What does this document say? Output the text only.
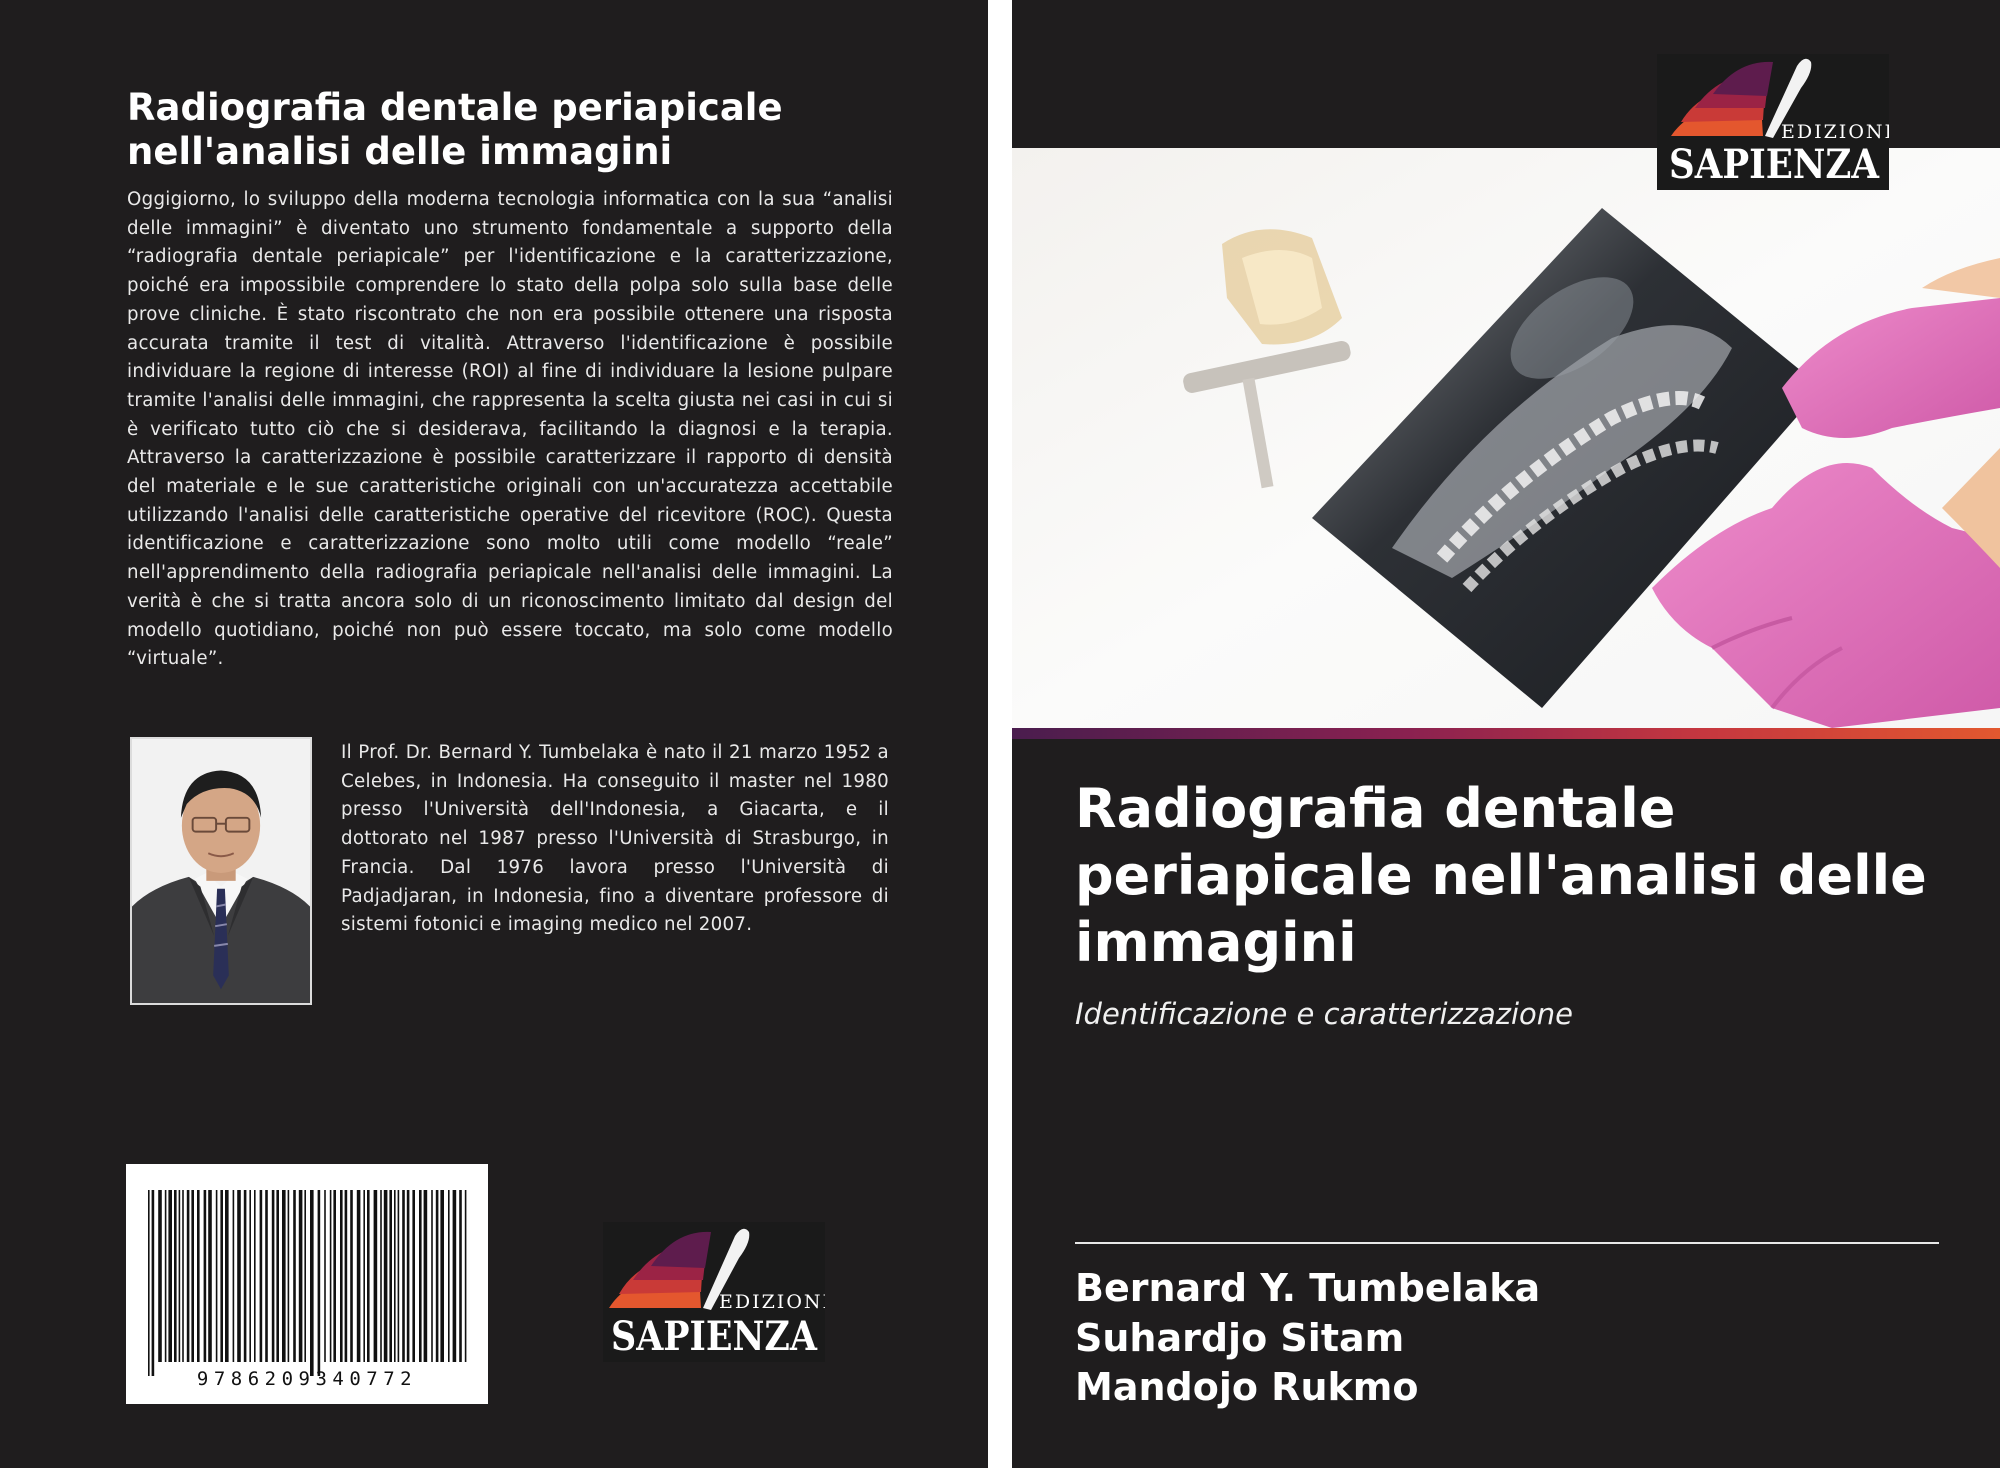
Radiografia dentale periapicale nell'analisi delle immagini

Oggigiorno, lo sviluppo della moderna tecnologia informatica con la sua “analisi delle immagini” è diventato uno strumento fondamentale a supporto della “radiografia dentale periapicale” per l'identificazione e la caratterizzazione, poiché era impossibile comprendere lo stato della polpa solo sulla base delle prove cliniche. È stato riscontrato che non era possibile ottenere una risposta accurata tramite il test di vitalità. Attraverso l'identificazione è possibile individuare la regione di interesse (ROI) al fine di individuare la lesione pulpare tramite l'analisi delle immagini, che rappresenta la scelta giusta nei casi in cui si è verificato tutto ciò che si desiderava, facilitando la diagnosi e la terapia. Attraverso la caratterizzazione è possibile caratterizzare il rapporto di densità del materiale e le sue caratteristiche originali con un'accuratezza accettabile utilizzando l'analisi delle caratteristiche operative del ricevitore (ROC). Questa identificazione e caratterizzazione sono molto utili come modello “reale” nell'apprendimento della radiografia periapicale nell'analisi delle immagini. La verità è che si tratta ancora solo di un riconoscimento limitato dal design del modello quotidiano, poiché non può essere toccato, ma solo come modello “virtuale”.

Il Prof. Dr. Bernard Y. Tumbelaka è nato il 21 marzo 1952 a Celebes, in Indonesia. Ha conseguito il master nel 1980 presso l'Università dell'Indonesia, a Giacarta, e il dottorato nel 1987 presso l'Università di Strasburgo, in Francia. Dal 1976 lavora presso l'Università di Padjadjaran, in Indonesia, fino a diventare professore di sistemi fotonici e imaging medico nel 2007.

9786209340772
EDIZIONI
SAPIENZA
EDIZIONI
SAPIENZA
Radiografia dentale periapicale nell'analisi delle immagini

Identificazione e caratterizzazione

Bernard Y. Tumbelaka
Suhardjo Sitam
Mandojo Rukmo
